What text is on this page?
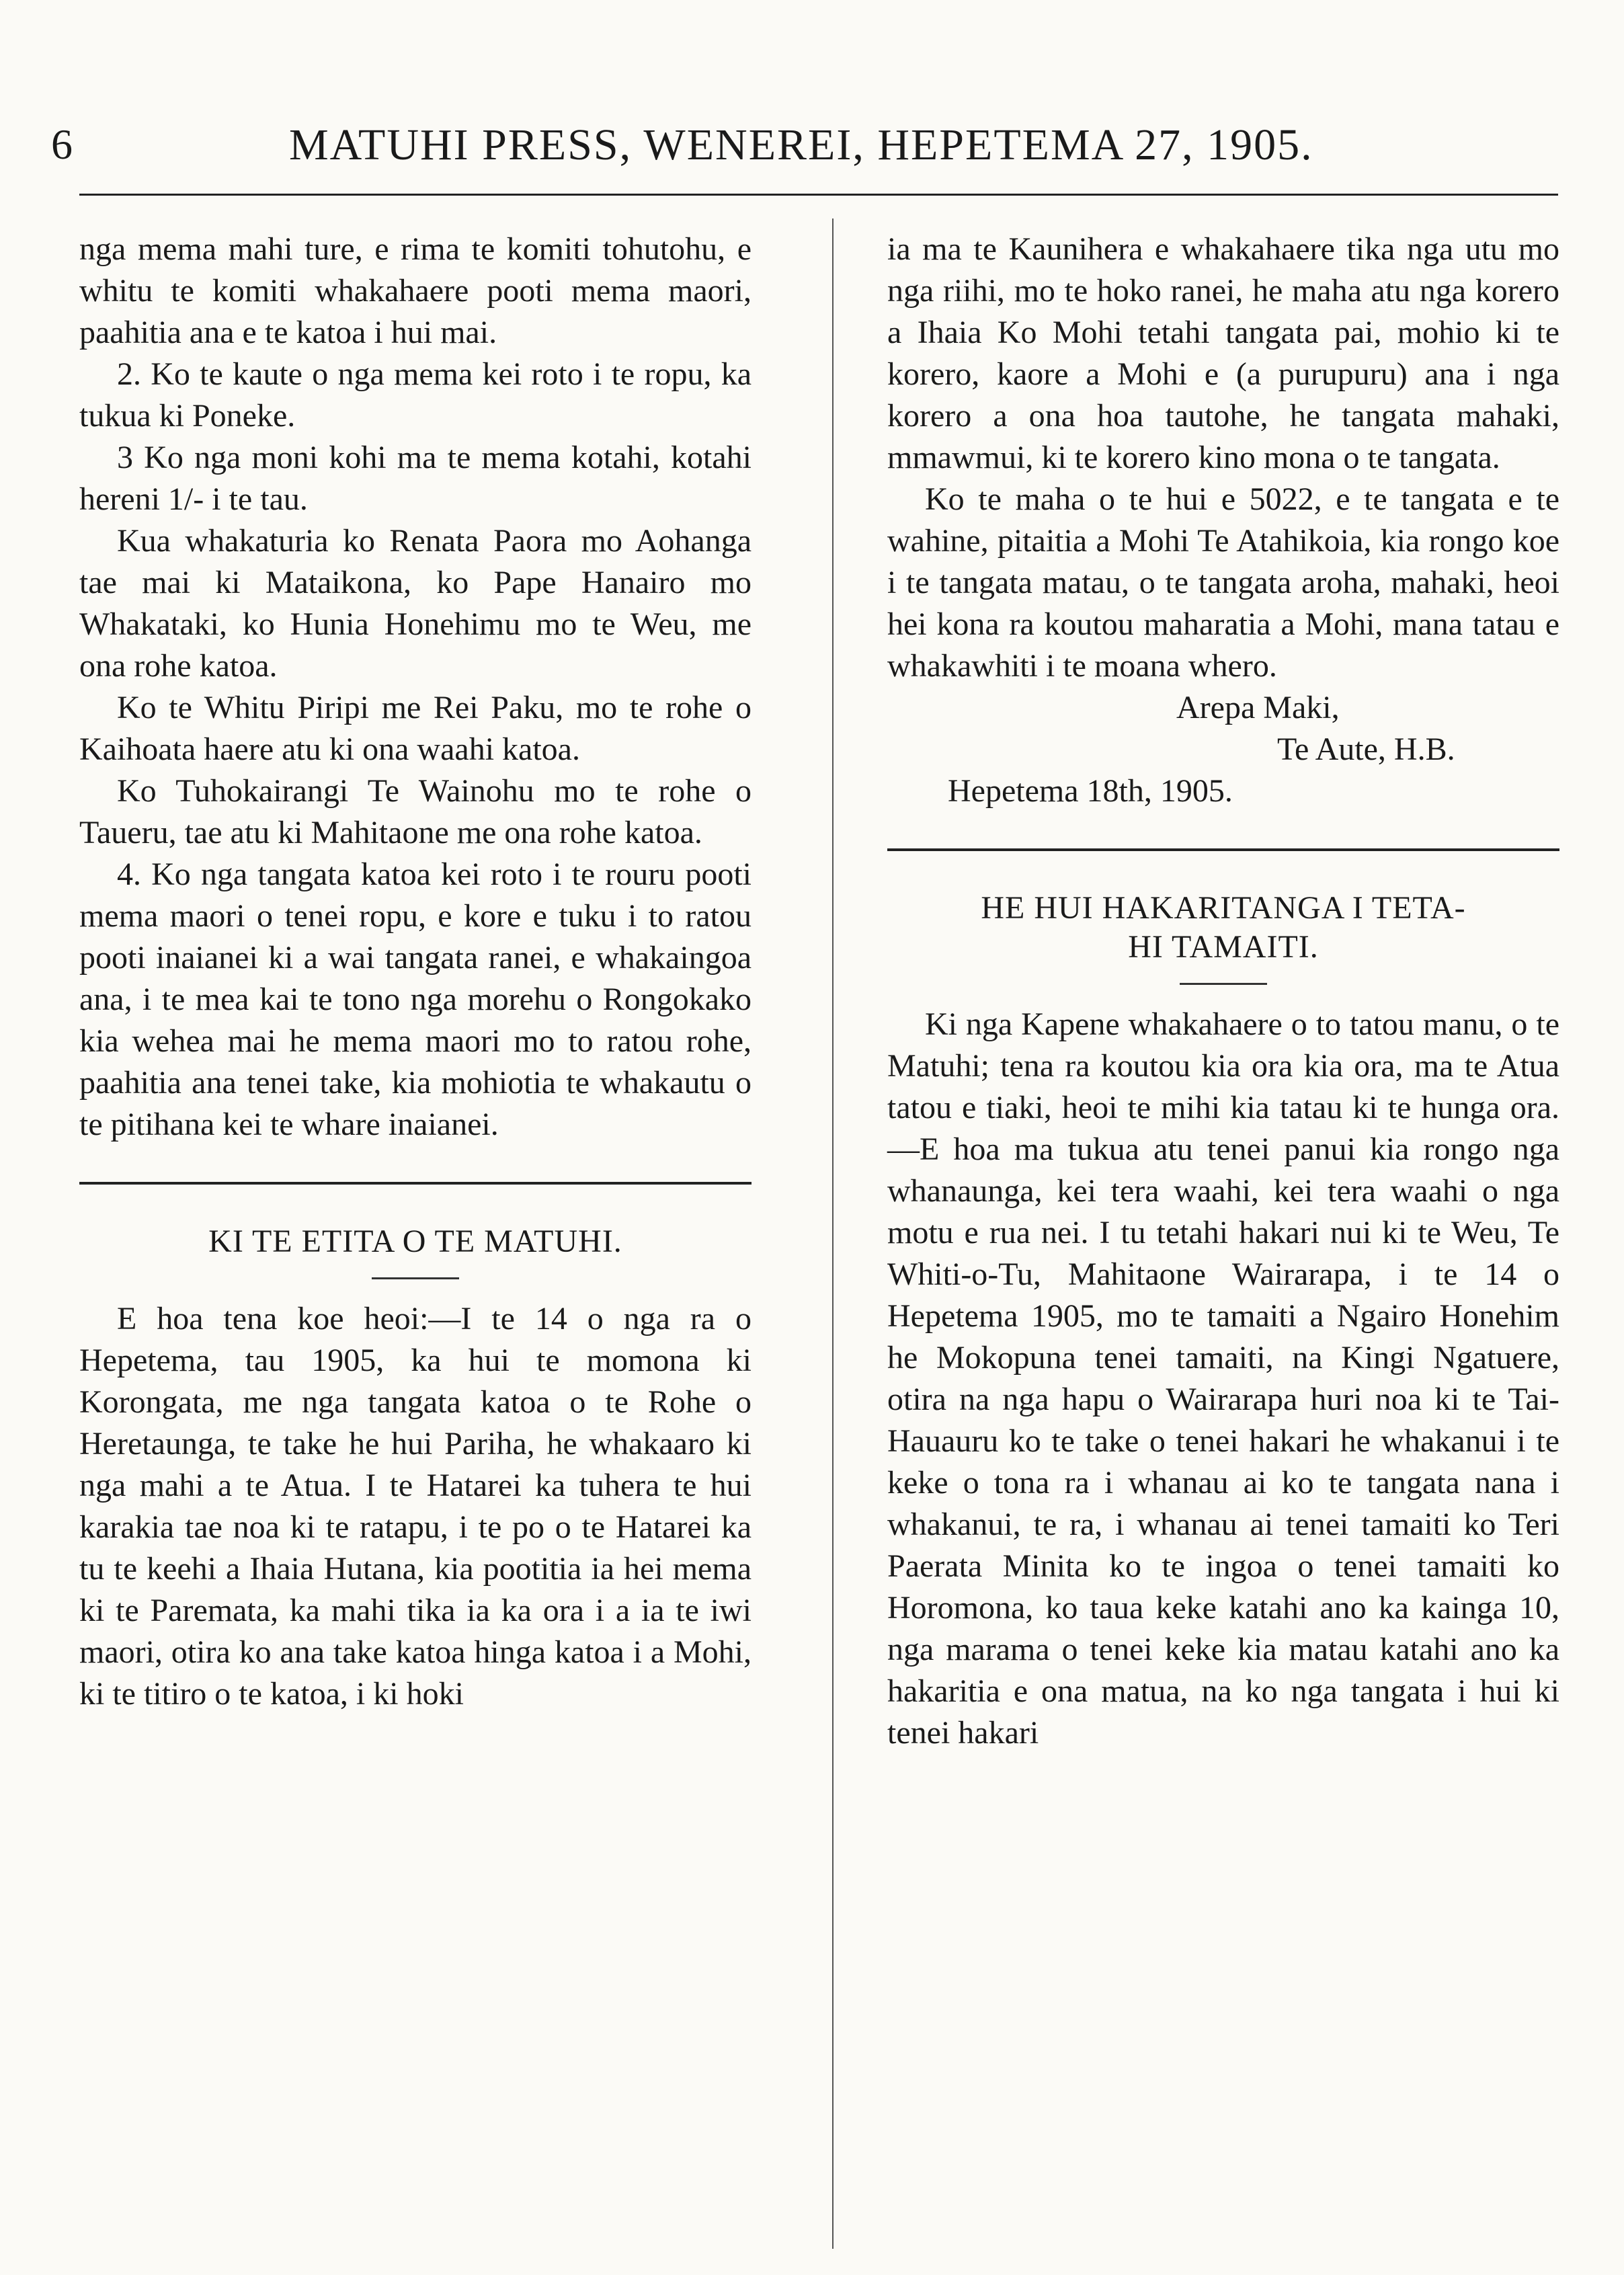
6	MATUHI PRESS, WENEREI, HEPETEMA 27, 1905.

nga mema mahi ture, e rima te komiti tohutohu, e whitu te komiti whakahaere pooti mema maori, paahitia ana e te katoa i hui mai.

2. Ko te kaute o nga mema kei roto i te ropu, ka tukua ki Poneke.

3 Ko nga moni kohi ma te mema kotahi, kotahi hereni 1/- i te tau.

Kua whakaturia ko Renata Paora mo Aohanga tae mai ki Mataikona, ko Pape Hanairo mo Whakataki, ko Hunia Honehimu mo te Weu, me ona rohe katoa.

Ko te Whitu Piripi me Rei Paku, mo te rohe o Kaihoata haere atu ki ona waahi katoa.

Ko Tuhokairangi Te Wainohu mo te rohe o Taueru, tae atu ki Mahitaone me ona rohe katoa.

4. Ko nga tangata katoa kei roto i te rouru pooti mema maori o tenei ropu, e kore e tuku i to ratou pooti inaianei ki a wai tangata ranei, e whakaingoa ana, i te mea kai te tono nga morehu o Rongokako kia wehea mai he mema maori mo to ratou rohe, paahitia ana tenei take, kia mohiotia te whakautu o te pitihana kei te whare inaianei.

KI TE ETITA O TE MATUHI.

E hoa tena koe heoi:—I te 14 o nga ra o Hepetema, tau 1905, ka hui te momona ki Korongata, me nga tangata katoa o te Rohe o Heretaunga, te take he hui Pariha, he whakaaro ki nga mahi a te Atua. I te Hatarei ka tuhera te hui karakia tae noa ki te ratapu, i te po o te Hatarei ka tu te keehi a Ihaia Hutana, kia pootitia ia hei mema ki te Paremata, ka mahi tika ia ka ora i a ia te iwi maori, otira ko ana take katoa hinga katoa i a Mohi, ki te titiro o te katoa, i ki hoki

ia ma te Kaunihera e whakahaere tika nga utu mo nga riihi, mo te hoko ranei, he maha atu nga korero a Ihaia Ko Mohi tetahi tangata pai, mohio ki te korero, kaore a Mohi e (a purupuru) ana i nga korero a ona hoa tautohe, he tangata mahaki, mmawmui, ki te korero kino mona o te tangata.

Ko te maha o te hui e 5022, e te tangata e te wahine, pitaitia a Mohi Te Atahikoia, kia rongo koe i te tangata matau, o te tangata aroha, mahaki, heoi hei kona ra koutou maharatia a Mohi, mana tatau e whakawhiti i te moana whero.

Arepa Maki,

Te Aute, H.B.

Hepetema 18th, 1905.

HE HUI HAKARITANGA I TETA-

HI TAMAITI.

Ki nga Kapene whakahaere o to tatou manu, o te Matuhi; tena ra koutou kia ora kia ora, ma te Atua tatou e tiaki, heoi te mihi kia tatau ki te hunga ora.—E hoa ma tukua atu tenei panui kia rongo nga whanaunga, kei tera waahi, kei tera waahi o nga motu e rua nei. I tu tetahi hakari nui ki te Weu, Te Whiti-o-Tu, Mahitaone Wairarapa, i te 14 o Hepetema 1905, mo te tamaiti a Ngairo Honehim he Mokopuna tenei tamaiti, na Kingi Ngatuere, otira na nga hapu o Wairarapa huri noa ki te Tai-Hauauru ko te take o tenei hakari he whakanui i te keke o tona ra i whanau ai ko te tangata nana i whakanui, te ra, i whanau ai tenei tamaiti ko Teri Paerata Minita ko te ingoa o tenei tamaiti ko Horomona, ko taua keke katahi ano ka kainga 10, nga marama o tenei keke kia matau katahi ano ka hakaritia e ona matua, na ko nga tangata i hui ki tenei hakari
